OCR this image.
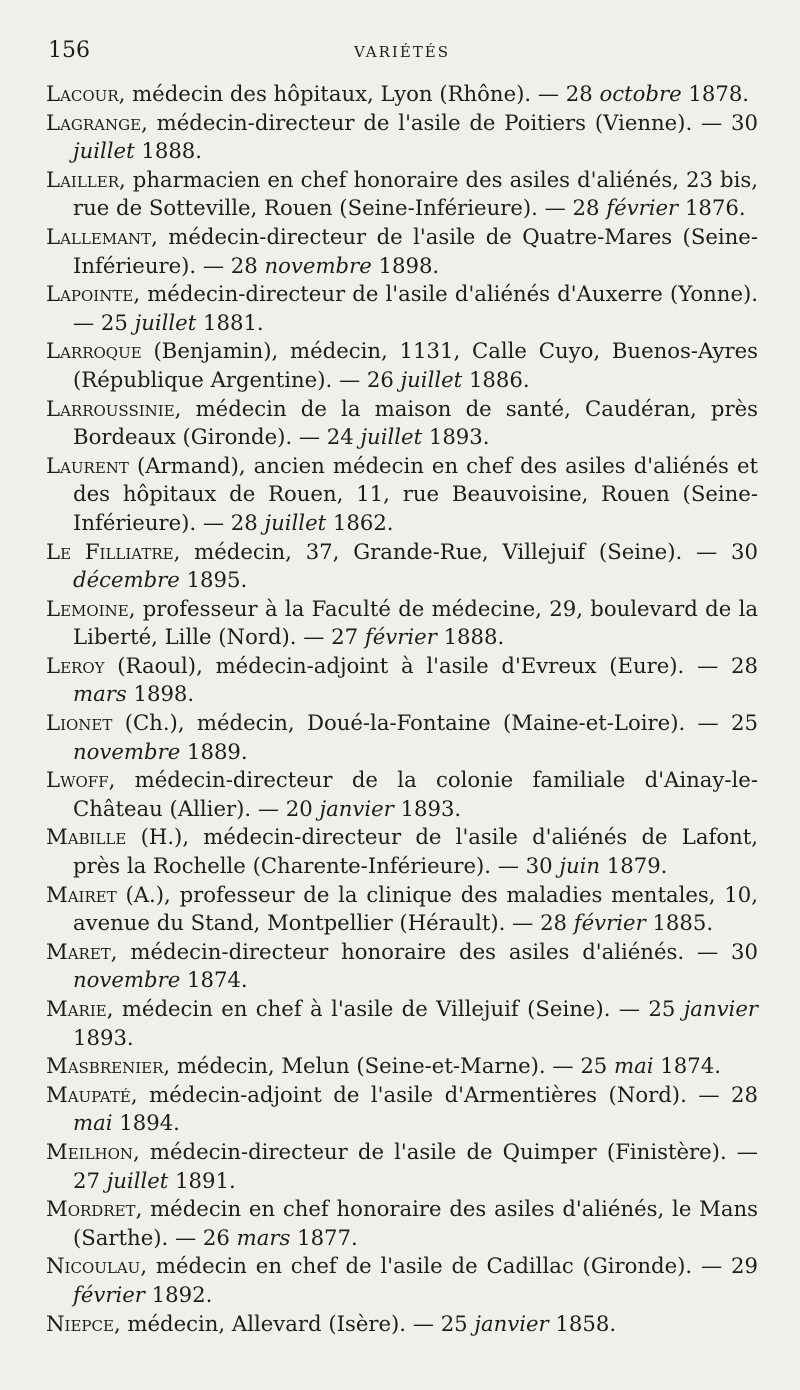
156	VARIÉTÉS
Lacour, médecin des hôpitaux, Lyon (Rhône). — 28 octobre 1878.
Lagrange, médecin-directeur de l'asile de Poitiers (Vienne). — 30 juillet 1888.
Lailler, pharmacien en chef honoraire des asiles d'aliénés, 23 bis, rue de Sotteville, Rouen (Seine-Inférieure). — 28 février 1876.
Lallemant, médecin-directeur de l'asile de Quatre-Mares (Seine-Inférieure). — 28 novembre 1898.
Lapointe, médecin-directeur de l'asile d'aliénés d'Auxerre (Yonne). — 25 juillet 1881.
Larroque (Benjamin), médecin, 1131, Calle Cuyo, Buenos-Ayres (République Argentine). — 26 juillet 1886.
Larroussinie, médecin de la maison de santé, Caudéran, près Bordeaux (Gironde). — 24 juillet 1893.
Laurent (Armand), ancien médecin en chef des asiles d'aliénés et des hôpitaux de Rouen, 11, rue Beauvoisine, Rouen (Seine-Inférieure). — 28 juillet 1862.
Le Filliatre, médecin, 37, Grande-Rue, Villejuif (Seine). — 30 décembre 1895.
Lemoine, professeur à la Faculté de médecine, 29, boulevard de la Liberté, Lille (Nord). — 27 février 1888.
Leroy (Raoul), médecin-adjoint à l'asile d'Evreux (Eure). — 28 mars 1898.
Lionet (Ch.), médecin, Doué-la-Fontaine (Maine-et-Loire). — 25 novembre 1889.
Lwoff, médecin-directeur de la colonie familiale d'Ainay-le-Château (Allier). — 20 janvier 1893.
Mabille (H.), médecin-directeur de l'asile d'aliénés de Lafont, près la Rochelle (Charente-Inférieure). — 30 juin 1879.
Mairet (A.), professeur de la clinique des maladies mentales, 10, avenue du Stand, Montpellier (Hérault). — 28 février 1885.
Maret, médecin-directeur honoraire des asiles d'aliénés. — 30 novembre 1874.
Marie, médecin en chef à l'asile de Villejuif (Seine). — 25 janvier 1893.
Masbrenier, médecin, Melun (Seine-et-Marne). — 25 mai 1874.
Maupaté, médecin-adjoint de l'asile d'Armentières (Nord). — 28 mai 1894.
Meilhon, médecin-directeur de l'asile de Quimper (Finistère). — 27 juillet 1891.
Mordret, médecin en chef honoraire des asiles d'aliénés, le Mans (Sarthe). — 26 mars 1877.
Nicoulau, médecin en chef de l'asile de Cadillac (Gironde). — 29 février 1892.
Niepce, médecin, Allevard (Isère). — 25 janvier 1858.
